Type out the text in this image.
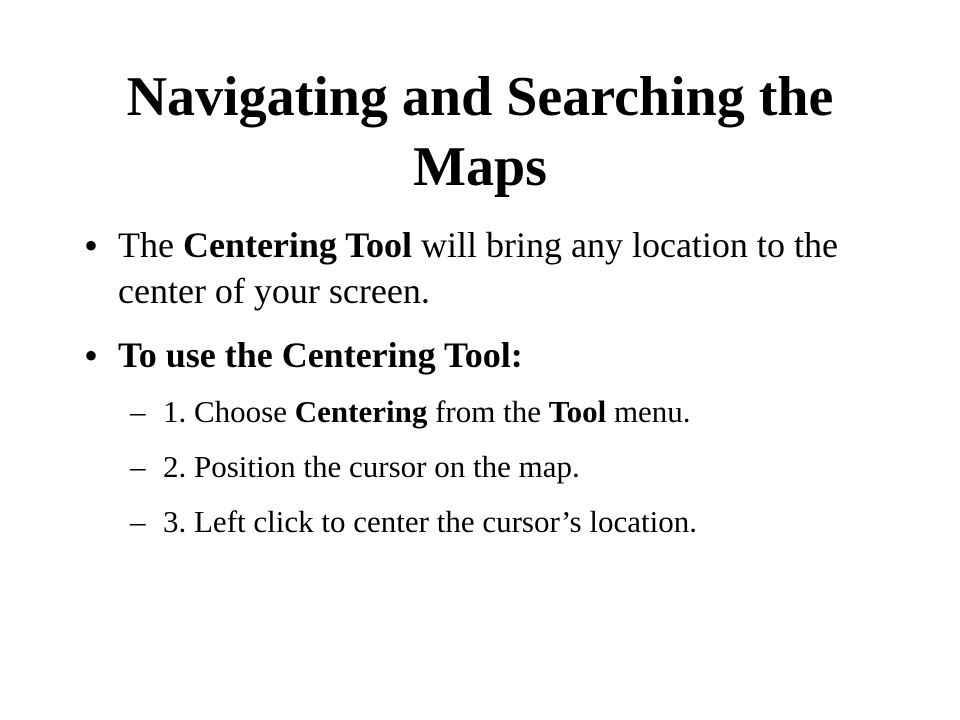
Navigating and Searching the Maps
• The Centering Tool will bring any location to the center of your screen.
• To use the Centering Tool:
– 1. Choose Centering from the Tool menu.
– 2. Position the cursor on the map.
– 3. Left click to center the cursor’s location.
